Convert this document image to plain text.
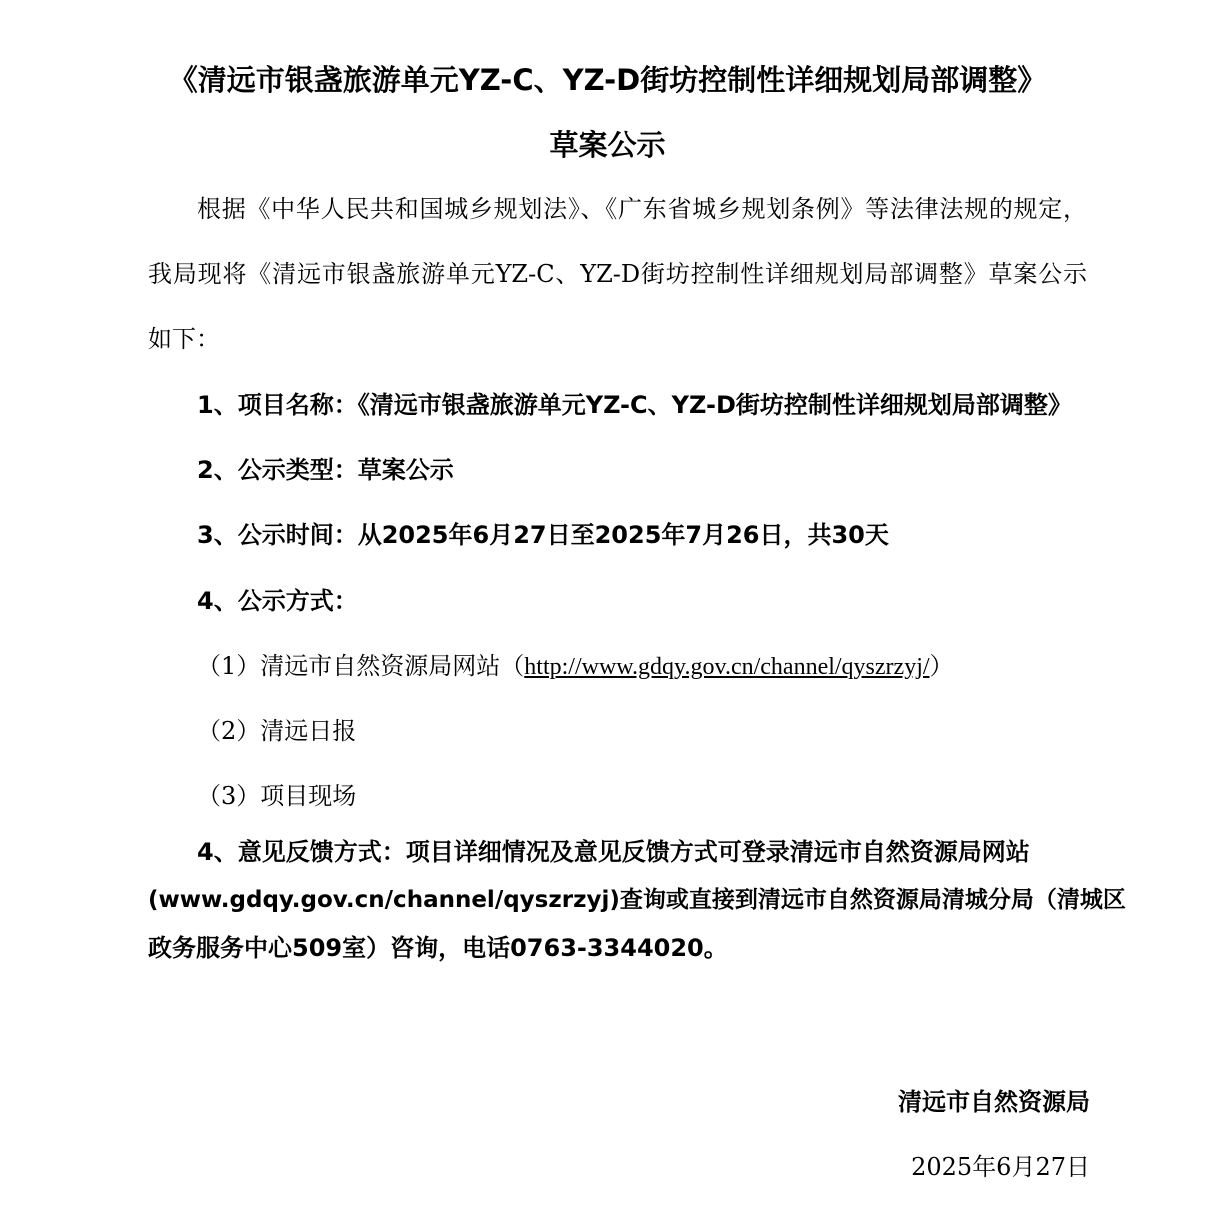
《清远市银盏旅游单元YZ-C、YZ-D街坊控制性详细规划局部调整》
草案公示
根据《中华人民共和国城乡规划法》、《广东省城乡规划条例》等法律法规的规定，
我局现将《清远市银盏旅游单元YZ-C、YZ-D街坊控制性详细规划局部调整》草案公示
如下：
1、项目名称：《清远市银盏旅游单元YZ-C、YZ-D街坊控制性详细规划局部调整》
2、公示类型：草案公示
3、公示时间：从2025年6月27日至2025年7月26日，共30天
4、公示方式：
（1）清远市自然资源局网站（http://www.gdqy.gov.cn/channel/qyszrzyj/）
（2）清远日报
（3）项目现场
4、意见反馈方式：项目详细情况及意见反馈方式可登录清远市自然资源局网站
(www.gdqy.gov.cn/channel/qyszrzyj)查询或直接到清远市自然资源局清城分局（清城区
政务服务中心509室）咨询，电话0763-3344020。
清远市自然资源局
2025年6月27日
